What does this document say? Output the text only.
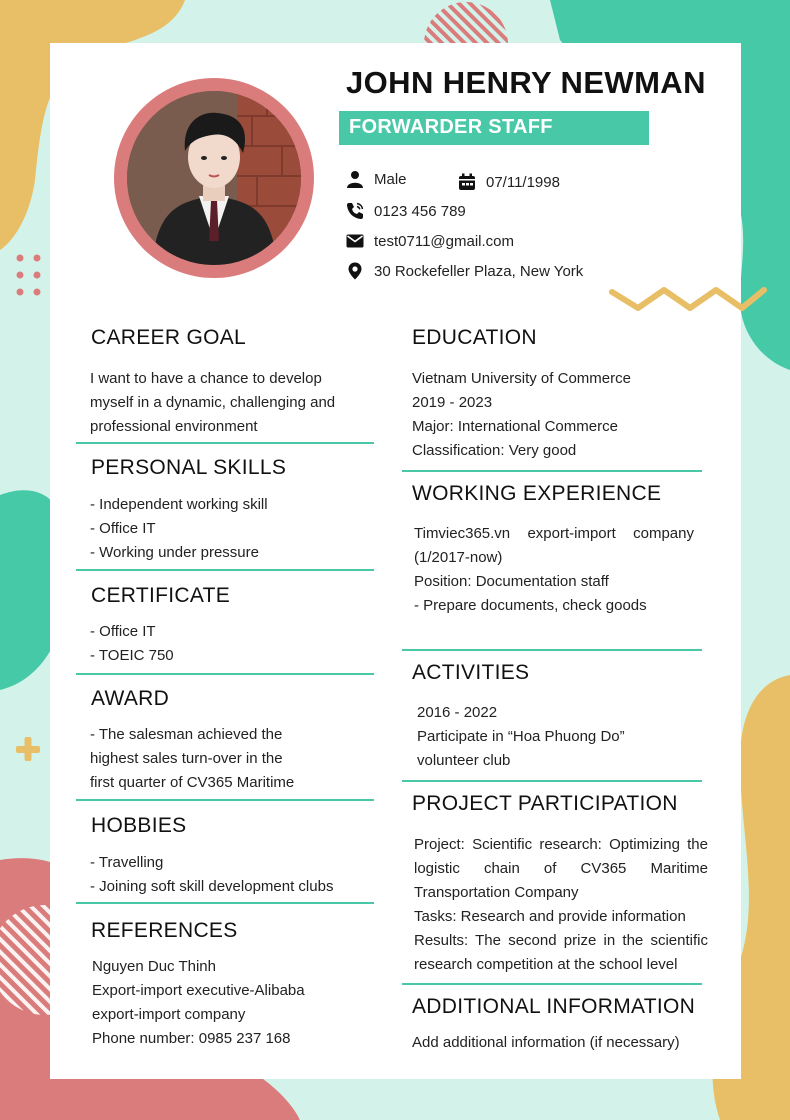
JOHN HENRY NEWMAN
FORWARDER STAFF
Male	07/11/1998
0123 456 789
test0711@gmail.com
30 Rockefeller Plaza, New York
CAREER GOAL
I want to have a chance to develop
myself in a dynamic, challenging and
professional environment
PERSONAL SKILLS
- Independent working skill
- Office IT
- Working under pressure
CERTIFICATE
- Office IT
- TOEIC 750
AWARD
- The salesman achieved the
highest sales turn-over in the
first quarter of CV365 Maritime
HOBBIES
- Travelling
- Joining soft skill development clubs
REFERENCES
Nguyen Duc Thinh
Export-import executive-Alibaba
export-import company
Phone number: 0985 237 168
EDUCATION
Vietnam University of Commerce
2019 - 2023
Major: International Commerce
Classification: Very good
WORKING EXPERIENCE
Timviec365.vn export-import company (1/2017-now)
Position: Documentation staff
- Prepare documents, check goods
ACTIVITIES
2016 - 2022
Participate in “Hoa Phuong Do”
volunteer club
PROJECT PARTICIPATION
Project: Scientific research: Optimizing the logistic chain of CV365 Maritime Transportation Company
Tasks: Research and provide information
Results: The second prize in the scientific research competition at the school level
ADDITIONAL INFORMATION
Add additional information (if necessary)
